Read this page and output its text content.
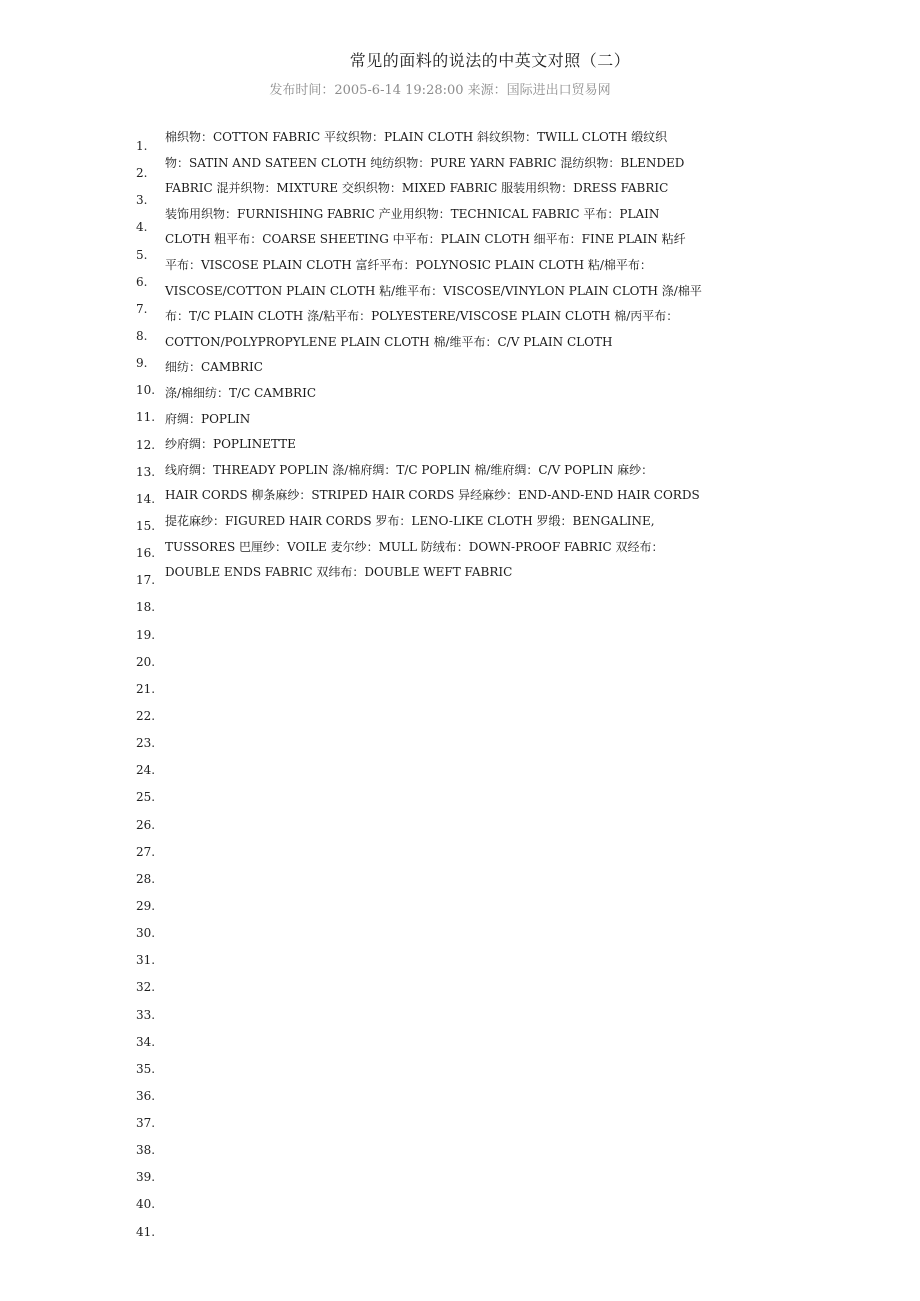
常见的面料的说法的中英文对照（二）
发布时间：2005-6-14 19:28:00 来源：国际进出口贸易网
1.
2.
3.
4.
5.
6.
7.
8.
9.
10.
11.
12.
13.
14.
15.
16.
17.
18.
19.
20.
21.
22.
23.
24.
25.
26.
27.
28.
29.
30.
31.
32.
33.
34.
35.
36.
37.
38.
39.
40.
41.
棉织物：COTTON FABRIC 平纹织物：PLAIN CLOTH 斜纹织物：TWILL CLOTH 缎纹织
物：SATIN AND SATEEN CLOTH 纯纺织物：PURE YARN FABRIC 混纺织物：BLENDED
FABRIC 混并织物：MIXTURE 交织织物：MIXED FABRIC 服装用织物：DRESS FABRIC
装饰用织物：FURNISHING FABRIC 产业用织物：TECHNICAL FABRIC 平布：PLAIN
CLOTH 粗平布：COARSE SHEETING 中平布：PLAIN CLOTH 细平布：FINE PLAIN 粘纤
平布：VISCOSE PLAIN CLOTH 富纤平布：POLYNOSIC PLAIN CLOTH 粘/棉平布：
VISCOSE/COTTON PLAIN CLOTH 粘/维平布：VISCOSE/VINYLON PLAIN CLOTH 涤/棉平
布：T/C PLAIN CLOTH 涤/粘平布：POLYESTERE/VISCOSE PLAIN CLOTH 棉/丙平布：
COTTON/POLYPROPYLENE PLAIN CLOTH 棉/维平布：C/V PLAIN CLOTH
细纺：CAMBRIC
涤/棉细纺：T/C CAMBRIC
府绸：POPLIN
纱府绸：POPLINETTE
线府绸：THREADY POPLIN 涤/棉府绸：T/C POPLIN 棉/维府绸：C/V POPLIN 麻纱：
HAIR CORDS 柳条麻纱：STRIPED HAIR CORDS 异经麻纱：END-AND-END HAIR CORDS
提花麻纱：FIGURED HAIR CORDS 罗布：LENO-LIKE CLOTH 罗缎：BENGALINE,
TUSSORES 巴厘纱：VOILE 麦尔纱：MULL 防绒布：DOWN-PROOF FABRIC 双经布：
DOUBLE ENDS FABRIC 双纬布：DOUBLE WEFT FABRIC
